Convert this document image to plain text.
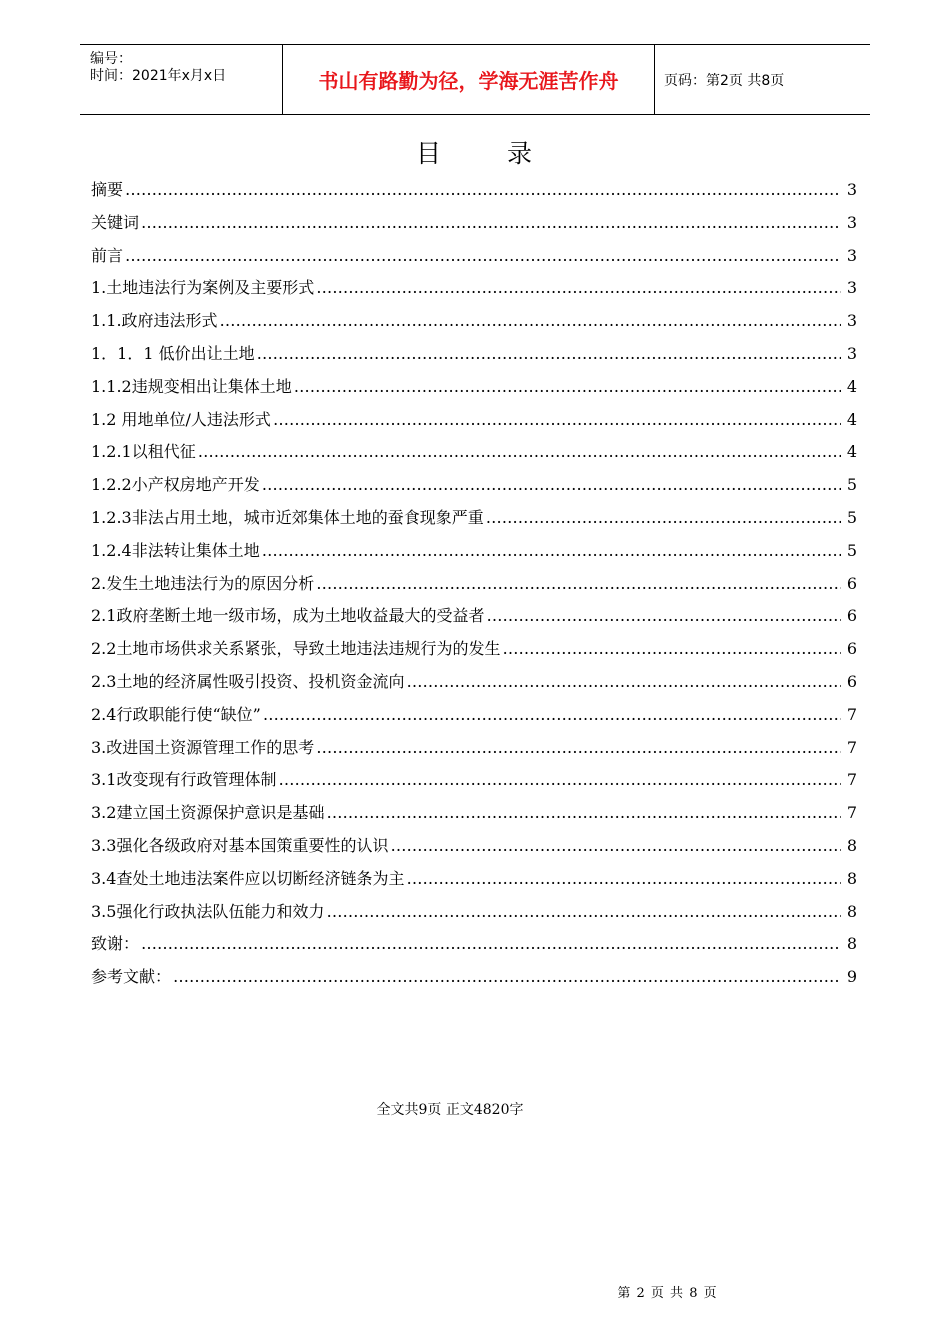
编号：
时间：2021年x月x日	书山有路勤为径，学海无涯苦作舟	页码：第2页 共8页
目	录
摘要 ……………………………………………………………………………………………………………………………………………………………………………	3
关键词 ……………………………………………………………………………………………………………………………………………………………………………	3
前言 ……………………………………………………………………………………………………………………………………………………………………………	3
1.土地违法行为案例及主要形式 ……………………………………………………………………………………………………………………………………………………………………………	3
1.1.政府违法形式 ……………………………………………………………………………………………………………………………………………………………………………	3
1．1．1 低价出让土地 ……………………………………………………………………………………………………………………………………………………………………………	3
1.1.2违规变相出让集体土地 ……………………………………………………………………………………………………………………………………………………………………………	4
1.2 用地单位/人违法形式 ……………………………………………………………………………………………………………………………………………………………………………	4
1.2.1以租代征 ……………………………………………………………………………………………………………………………………………………………………………	4
1.2.2小产权房地产开发 ……………………………………………………………………………………………………………………………………………………………………………	5
1.2.3非法占用土地，城市近郊集体土地的蚕食现象严重 ……………………………………………………………………………………………………………………………………………………………………………	5
1.2.4非法转让集体土地 ……………………………………………………………………………………………………………………………………………………………………………	5
2.发生土地违法行为的原因分析 ……………………………………………………………………………………………………………………………………………………………………………	6
2.1政府垄断土地一级市场，成为土地收益最大的受益者 ……………………………………………………………………………………………………………………………………………………………………………	6
2.2土地市场供求关系紧张，导致土地违法违规行为的发生 ……………………………………………………………………………………………………………………………………………………………………………	6
2.3土地的经济属性吸引投资、投机资金流向 ……………………………………………………………………………………………………………………………………………………………………………	6
2.4行政职能行使“缺位” ……………………………………………………………………………………………………………………………………………………………………………	7
3.改进国土资源管理工作的思考 ……………………………………………………………………………………………………………………………………………………………………………	7
3.1改变现有行政管理体制 ……………………………………………………………………………………………………………………………………………………………………………	7
3.2建立国土资源保护意识是基础 ……………………………………………………………………………………………………………………………………………………………………………	7
3.3强化各级政府对基本国策重要性的认识 ……………………………………………………………………………………………………………………………………………………………………………	8
3.4查处土地违法案件应以切断经济链条为主 ……………………………………………………………………………………………………………………………………………………………………………	8
3.5强化行政执法队伍能力和效力 ……………………………………………………………………………………………………………………………………………………………………………	8
致谢： ……………………………………………………………………………………………………………………………………………………………………………	8
参考文献： ……………………………………………………………………………………………………………………………………………………………………………	9
全文共9页 正文4820字
第 2 页 共 8 页
